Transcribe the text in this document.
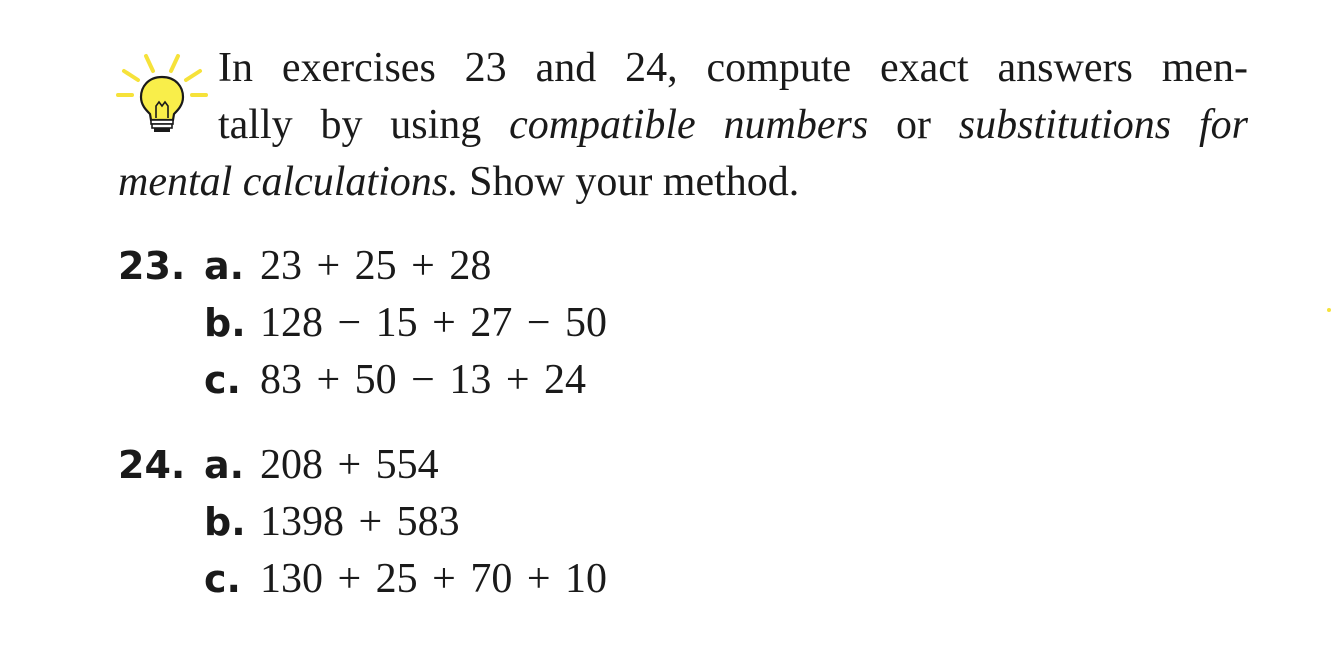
In exercises 23 and 24, compute exact answers men-
tally by using compatible numbers or substitutions for
mental calculations. Show your method.
23. a. 23 + 25 + 28
b. 128 − 15 + 27 − 50
c. 83 + 50 − 13 + 24
24. a. 208 + 554
b. 1398 + 583
c. 130 + 25 + 70 + 10
